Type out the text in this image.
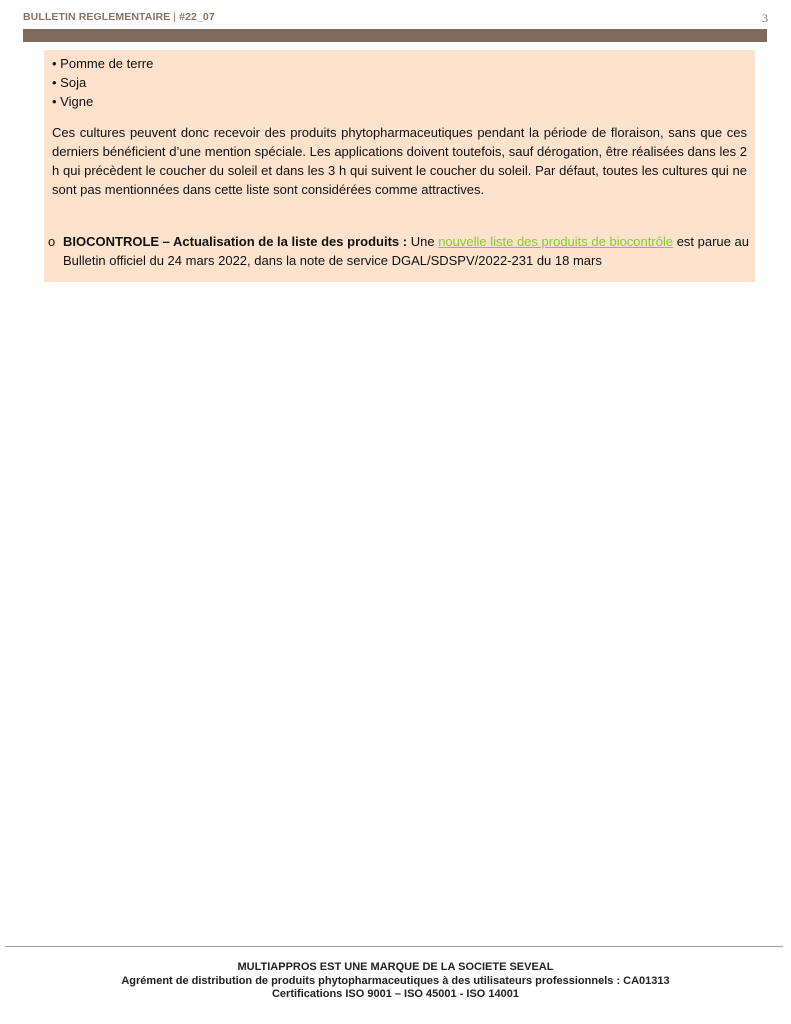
BULLETIN REGLEMENTAIRE | #22_07	3
• Pomme de terre
• Soja
• Vigne
Ces cultures peuvent donc recevoir des produits phytopharmaceutiques pendant la période de floraison, sans que ces derniers bénéficient d’une mention spéciale. Les applications doivent toutefois, sauf dérogation, être réalisées dans les 2 h qui précèdent le coucher du soleil et dans les 3 h qui suivent le coucher du soleil. Par défaut, toutes les cultures qui ne sont pas mentionnées dans cette liste sont considérées comme attractives.
o BIOCONTROLE – Actualisation de la liste des produits : Une nouvelle liste des produits de biocontrôle est parue au Bulletin officiel du 24 mars 2022, dans la note de service DGAL/SDSPV/2022-231 du 18 mars
MULTIAPPROS EST UNE MARQUE DE LA SOCIETE SEVEAL
Agrément de distribution de produits phytopharmaceutiques à des utilisateurs professionnels : CA01313
Certifications ISO 9001 – ISO 45001 - ISO 14001
